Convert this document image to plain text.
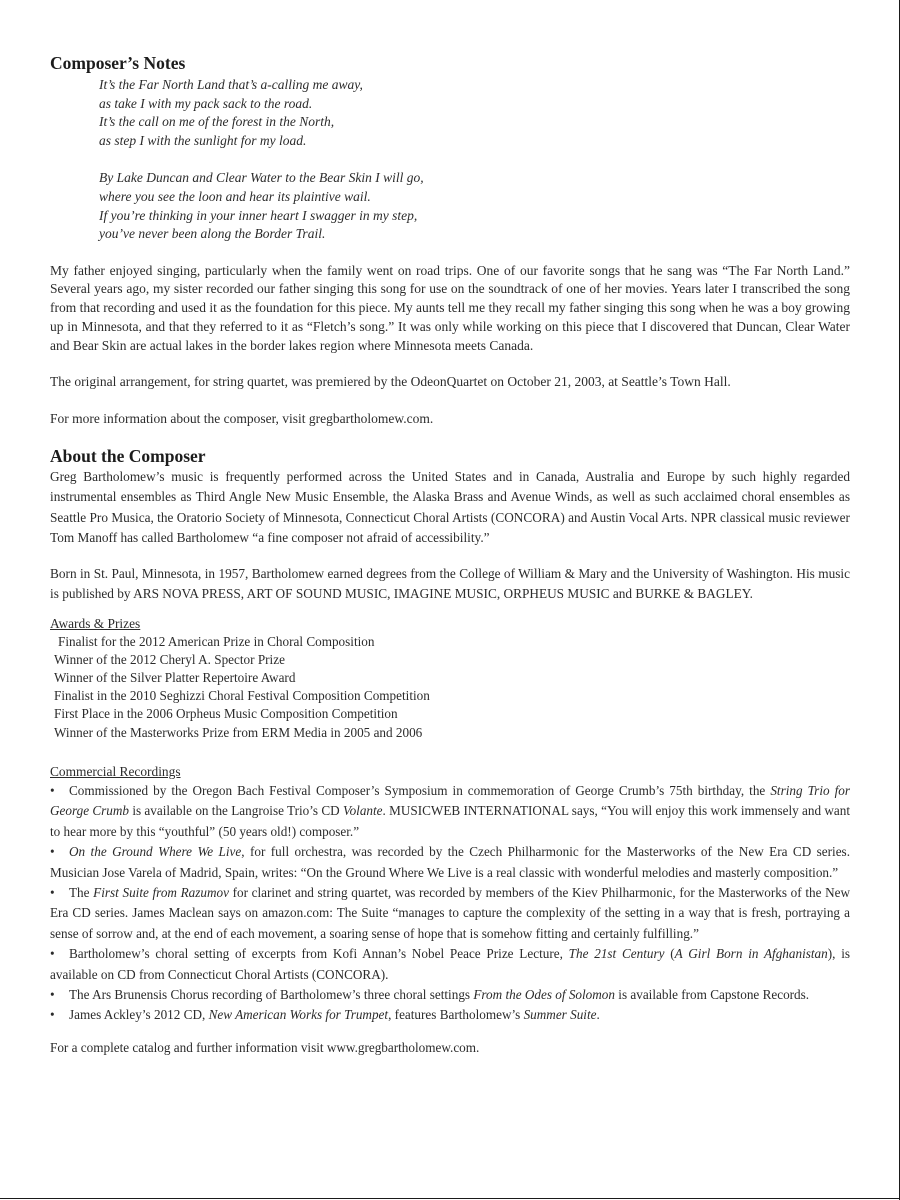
Composer’s Notes
It’s the Far North Land that’s a-calling me away,
as take I with my pack sack to the road.
It’s the call on me of the forest in the North,
as step I with the sunlight for my load.
By Lake Duncan and Clear Water to the Bear Skin I will go,
where you see the loon and hear its plaintive wail.
If you’re thinking in your inner heart I swagger in my step,
you’ve never been along the Border Trail.

My father enjoyed singing, particularly when the family went on road trips. One of our favorite songs that he sang was “The Far North Land.” Several years ago, my sister recorded our father singing this song for use on the soundtrack of one of her movies. Years later I transcribed the song from that recording and used it as the foundation for this piece. My aunts tell me they recall my father singing this song when he was a boy growing up in Minnesota, and that they referred to it as “Fletch’s song.” It was only while working on this piece that I discovered that Duncan, Clear Water and Bear Skin are actual lakes in the border lakes region where Minnesota meets Canada.

The original arrangement, for string quartet, was premiered by the OdeonQuartet on October 21, 2003, at Seattle’s Town Hall.

For more information about the composer, visit gregbartholomew.com.

About the Composer

Greg Bartholomew’s music is frequently performed across the United States and in Canada, Australia and Europe by such highly regarded instrumental ensembles as Third Angle New Music Ensemble, the Alaska Brass and Avenue Winds, as well as such acclaimed choral ensembles as Seattle Pro Musica, the Oratorio Society of Minnesota, Connecticut Choral Artists (CONCORA) and Austin Vocal Arts. NPR classical music reviewer Tom Manoff has called Bartholomew “a fine composer not afraid of accessibility.”

Born in St. Paul, Minnesota, in 1957, Bartholomew earned degrees from the College of William & Mary and the University of Washington. His music is published by ARS NOVA PRESS, ART OF SOUND MUSIC, IMAGINE MUSIC, ORPHEUS MUSIC and BURKE & BAGLEY.

Awards & Prizes
Finalist for the 2012 American Prize in Choral Composition
Winner of the 2012 Cheryl A. Spector Prize
Winner of the Silver Platter Repertoire Award
Finalist in the 2010 Seghizzi Choral Festival Composition Competition
First Place in the 2006 Orpheus Music Composition Competition
Winner of the Masterworks Prize from ERM Media in 2005 and 2006
Commercial Recordings

• Commissioned by the Oregon Bach Festival Composer’s Symposium in commemoration of George Crumb’s 75th birthday, the String Trio for George Crumb is available on the Langroise Trio’s CD Volante. MUSICWEB INTERNATIONAL says, “You will enjoy this work immensely and want to hear more by this “youthful” (50 years old!) composer.”

• On the Ground Where We Live, for full orchestra, was recorded by the Czech Philharmonic for the Masterworks of the New Era CD series. Musician Jose Varela of Madrid, Spain, writes: “On the Ground Where We Live is a real classic with wonderful melodies and masterly composition.”

• The First Suite from Razumov for clarinet and string quartet, was recorded by members of the Kiev Philharmonic, for the Masterworks of the New Era CD series. James Maclean says on amazon.com: The Suite “manages to capture the complexity of the setting in a way that is fresh, portraying a sense of sorrow and, at the end of each movement, a soaring sense of hope that is somehow fitting and certainly fulfilling.”

• Bartholomew’s choral setting of excerpts from Kofi Annan’s Nobel Peace Prize Lecture, The 21st Century (A Girl Born in Afghanistan), is available on CD from Connecticut Choral Artists (CONCORA).

• The Ars Brunensis Chorus recording of Bartholomew’s three choral settings From the Odes of Solomon is available from Capstone Records.

• James Ackley’s 2012 CD, New American Works for Trumpet, features Bartholomew’s Summer Suite.

For a complete catalog and further information visit www.gregbartholomew.com.
